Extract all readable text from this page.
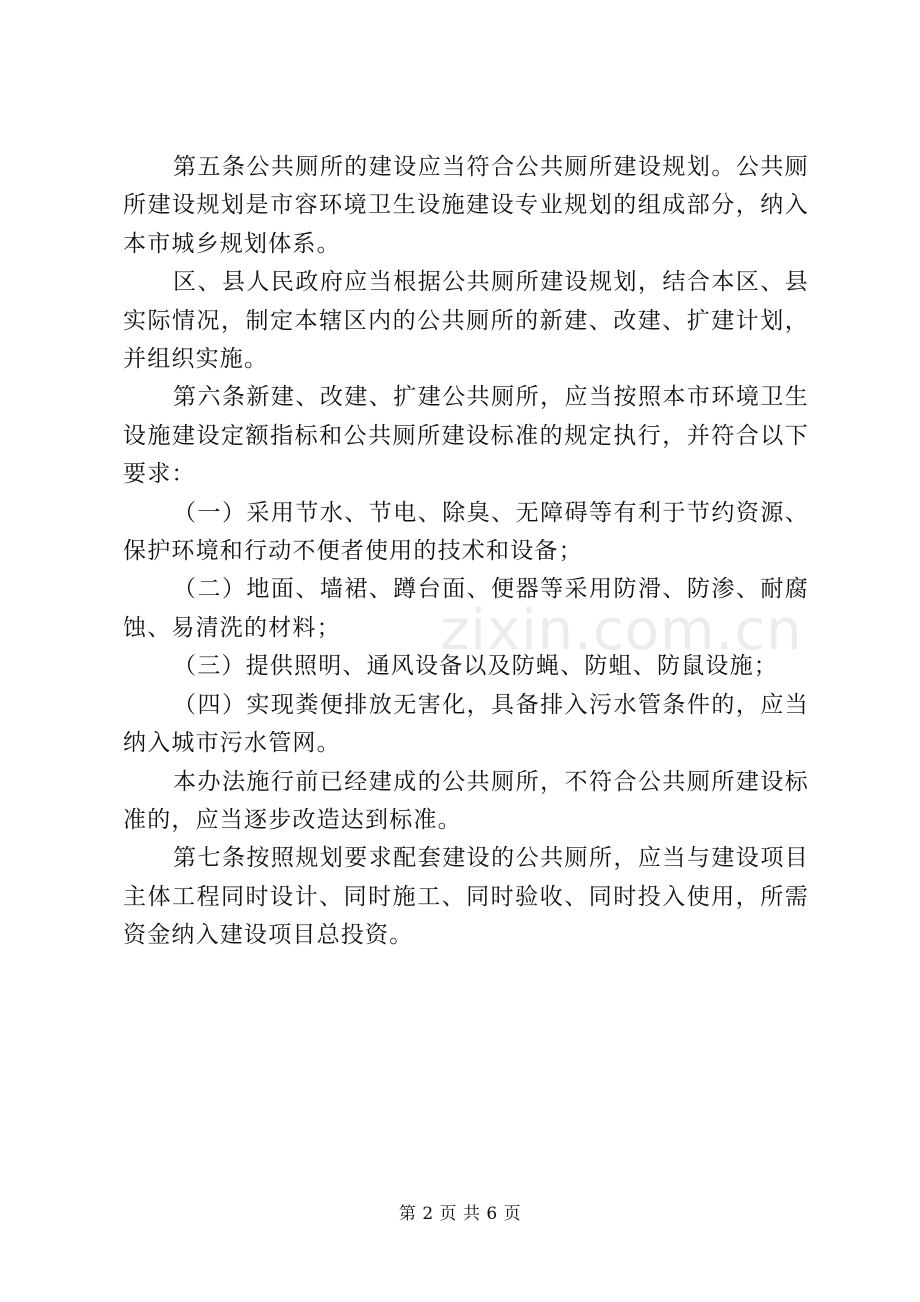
zixin.com.cn

第五条公共厕所的建设应当符合公共厕所建设规划。公共厕所建设规划是市容环境卫生设施建设专业规划的组成部分，纳入本市城乡规划体系。

区、县人民政府应当根据公共厕所建设规划，结合本区、县实际情况，制定本辖区内的公共厕所的新建、改建、扩建计划，并组织实施。

第六条新建、改建、扩建公共厕所，应当按照本市环境卫生设施建设定额指标和公共厕所建设标准的规定执行，并符合以下要求：

（一）采用节水、节电、除臭、无障碍等有利于节约资源、保护环境和行动不便者使用的技术和设备；

（二）地面、墙裙、蹲台面、便器等采用防滑、防渗、耐腐蚀、易清洗的材料；

（三）提供照明、通风设备以及防蝇、防蛆、防鼠设施；

（四）实现粪便排放无害化，具备排入污水管条件的，应当纳入城市污水管网。

本办法施行前已经建成的公共厕所，不符合公共厕所建设标准的，应当逐步改造达到标准。

第七条按照规划要求配套建设的公共厕所，应当与建设项目主体工程同时设计、同时施工、同时验收、同时投入使用，所需资金纳入建设项目总投资。

第 2 页 共 6 页
